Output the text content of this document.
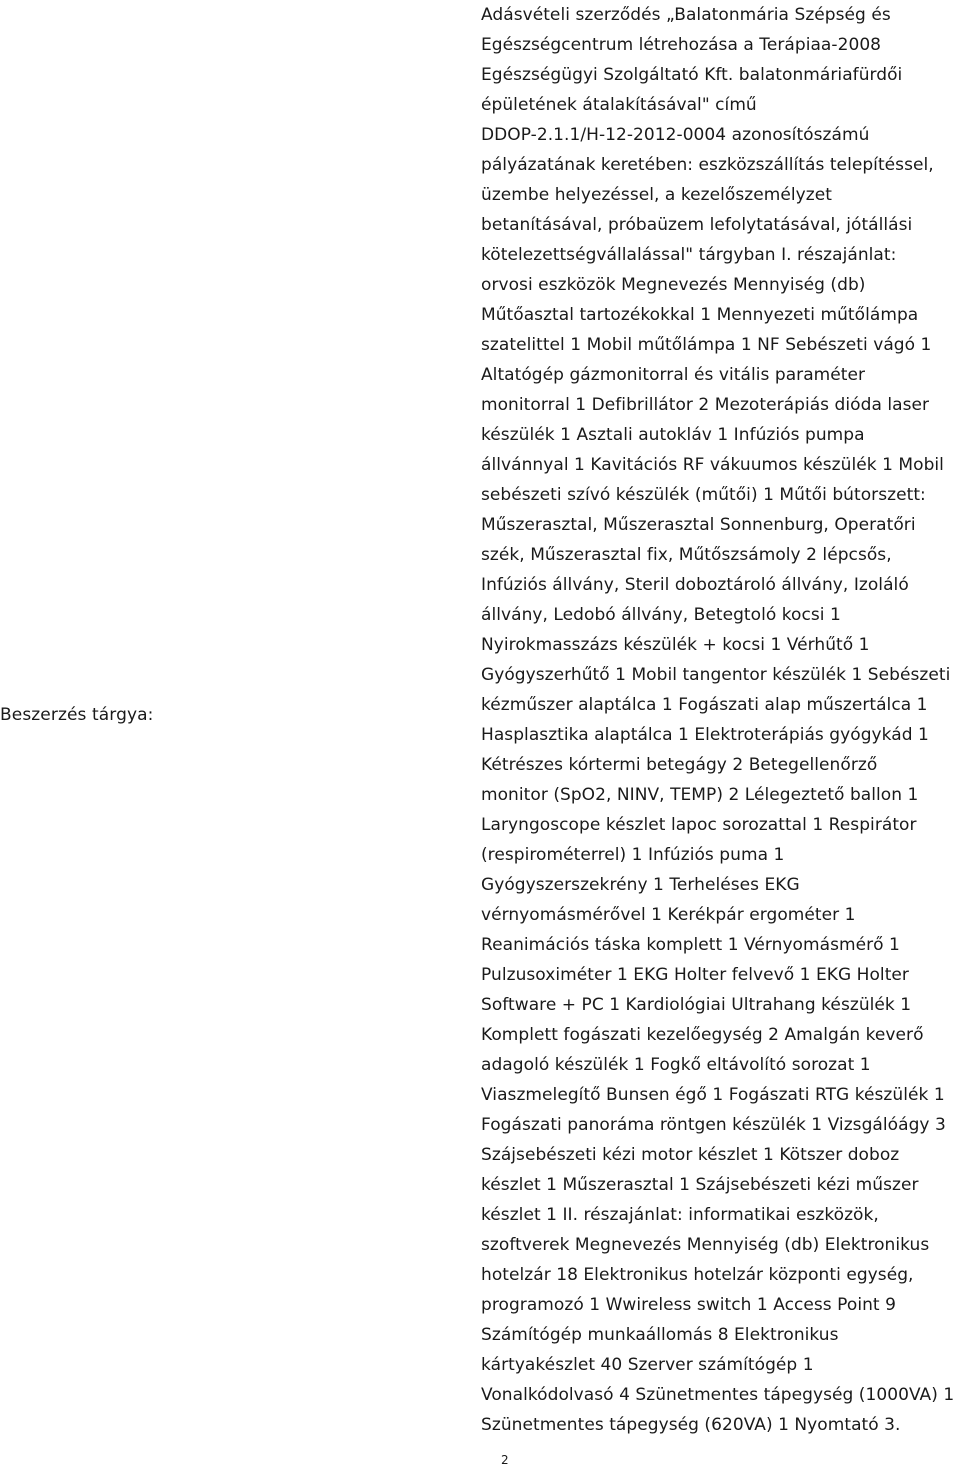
Beszerzés tárgya:
Adásvételi szerződés „Balatonmária Szépség és
Egészségcentrum létrehozása a Terápiaa-2008
Egészségügyi Szolgáltató Kft. balatonmáriafürdői
épületének átalakításával" című
DDOP-2.1.1/H-12-2012-0004 azonosítószámú
pályázatának keretében: eszközszállítás telepítéssel,
üzembe helyezéssel, a kezelőszemélyzet
betanításával, próbaüzem lefolytatásával, jótállási
kötelezettségvállalással" tárgyban I. részajánlat:
orvosi eszközök Megnevezés Mennyiség (db)
Műtőasztal tartozékokkal 1 Mennyezeti műtőlámpa
szatelittel 1 Mobil műtőlámpa 1 NF Sebészeti vágó 1
Altatógép gázmonitorral és vitális paraméter
monitorral 1 Defibrillátor 2 Mezoterápiás dióda laser
készülék 1 Asztali autokláv 1 Infúziós pumpa
állvánnyal 1 Kavitációs RF vákuumos készülék 1 Mobil
sebészeti szívó készülék (műtői) 1 Műtői bútorszett:
Műszerasztal, Műszerasztal Sonnenburg, Operatőri
szék, Műszerasztal fix, Műtőszsámoly 2 lépcsős,
Infúziós állvány, Steril doboztároló állvány, Izoláló
állvány, Ledobó állvány, Betegtoló kocsi 1
Nyirokmasszázs készülék + kocsi 1 Vérhűtő 1
Gyógyszerhűtő 1 Mobil tangentor készülék 1 Sebészeti
kézműszer alaptálca 1 Fogászati alap műszertálca 1
Hasplasztika alaptálca 1 Elektroterápiás gyógykád 1
Kétrészes kórtermi betegágy 2 Betegellenőrző
monitor (SpO2, NINV, TEMP) 2 Lélegeztető ballon 1
Laryngoscope készlet lapoc sorozattal 1 Respirátor
(respirométerrel) 1 Infúziós puma 1
Gyógyszerszekrény 1 Terheléses EKG
vérnyomásmérővel 1 Kerékpár ergométer 1
Reanimációs táska komplett 1 Vérnyomásmérő 1
Pulzusoximéter 1 EKG Holter felvevő 1 EKG Holter
Software + PC 1 Kardiológiai Ultrahang készülék 1
Komplett fogászati kezelőegység 2 Amalgán keverő
adagoló készülék 1 Fogkő eltávolító sorozat 1
Viaszmelegítő Bunsen égő 1 Fogászati RTG készülék 1
Fogászati panoráma röntgen készülék 1 Vizsgálóágy 3
Szájsebészeti kézi motor készlet 1 Kötszer doboz
készlet 1 Műszerasztal 1 Szájsebészeti kézi műszer
készlet 1 II. részajánlat: informatikai eszközök,
szoftverek Megnevezés Mennyiség (db) Elektronikus
hotelzár 18 Elektronikus hotelzár központi egység,
programozó 1 Wwireless switch 1 Access Point 9
Számítógép munkaállomás 8 Elektronikus
kártyakészlet 40 Szerver számítógép 1
Vonalkódolvasó 4 Szünetmentes tápegység (1000VA) 1
Szünetmentes tápegység (620VA) 1 Nyomtató 3.
2
